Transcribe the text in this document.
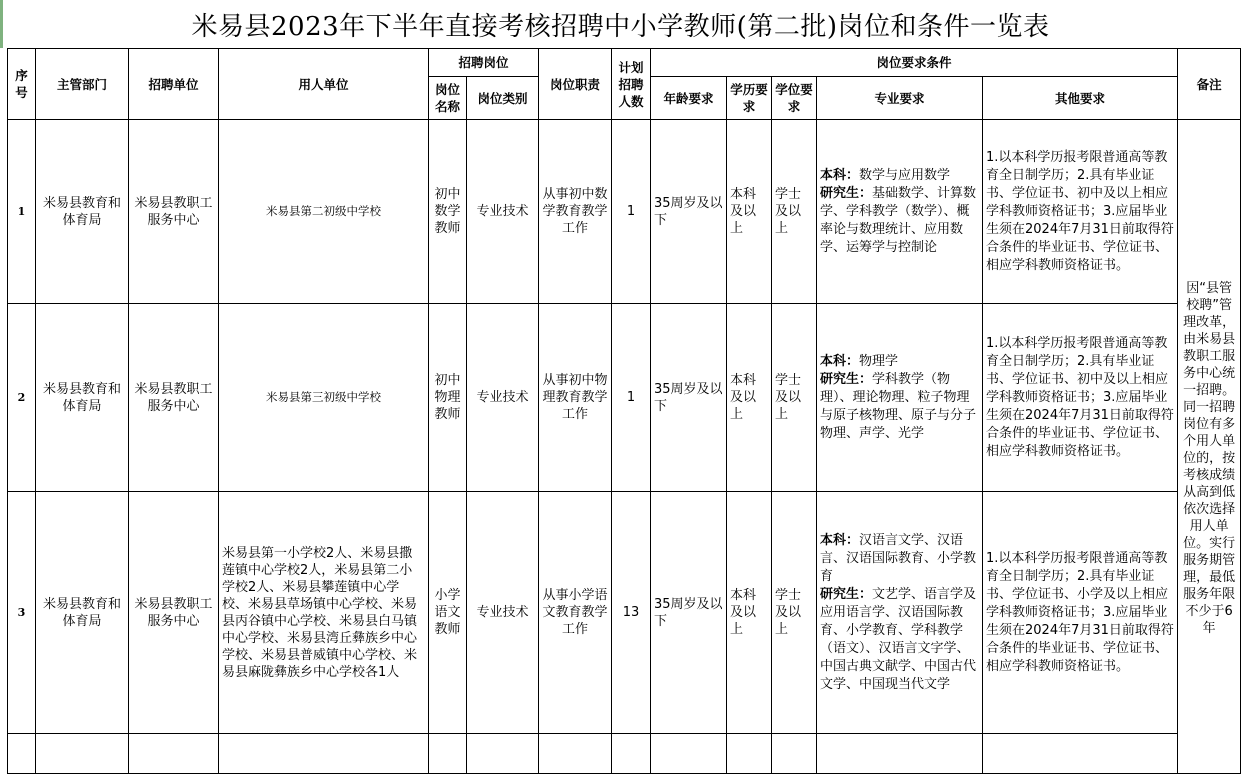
米易县2023年下半年直接考核招聘中小学教师(第二批)岗位和条件一览表
序号	主管部门	招聘单位	用人单位	招聘岗位		岗位职责	计划招聘人数	岗位要求条件					备注
				岗位名称	岗位类别			年龄要求	学历要求	学位要求	专业要求	其他要求	
1	米易县教育和体育局	米易县教职工服务中心	米易县第二初级中学校	初中数学教师	专业技术	从事初中数学教育教学工作	1	35周岁及以下	本科及以上	学士及以上	本科：数学与应用数学
研究生：基础数学、计算数学、学科教学（数学）、概率论与数理统计、应用数学、运筹学与控制论	1.以本科学历报考限普通高等教育全日制学历；2.具有毕业证书、学位证书、初中及以上相应学科教师资格证书；3.应届毕业生须在2024年7月31日前取得符合条件的毕业证书、学位证书、相应学科教师资格证书。	因“县管校聘”管理改革，由米易县教职工服务中心统一招聘。同一招聘岗位有多个用人单位的，按考核成绩从高到低依次选择用人单位。实行服务期管理，最低服务年限不少于6年

2	米易县教育和体育局	米易县教职工服务中心	米易县第三初级中学校	初中物理教师	专业技术	从事初中物理教育教学工作	1	35周岁及以下	本科及以上	学士及以上	本科：物理学
研究生：学科教学（物理）、理论物理、粒子物理与原子核物理、原子与分子物理、声学、光学	1.以本科学历报考限普通高等教育全日制学历；2.具有毕业证书、学位证书、初中及以上相应学科教师资格证书；3.应届毕业生须在2024年7月31日前取得符合条件的毕业证书、学位证书、相应学科教师资格证书。	
3	米易县教育和体育局	米易县教职工服务中心	米易县第一小学校2人、米易县撒莲镇中心学校2人，米易县第二小学校2人、米易县攀莲镇中心学校、米易县草场镇中心学校、米易县丙谷镇中心学校、米易县白马镇中心学校、米易县湾丘彝族乡中心学校、米易县普威镇中心学校、米易县麻陇彝族乡中心学校各1人	小学语文教师	专业技术	从事小学语文教育教学工作	13	35周岁及以下	本科及以上	学士及以上	本科：汉语言文学、汉语言、汉语国际教育、小学教育
研究生：文艺学、语言学及应用语言学、汉语国际教育、小学教育、学科教学（语文）、汉语言文字学、中国古典文献学、中国古代文学、中国现当代文学	1.以本科学历报考限普通高等教育全日制学历；2.具有毕业证书、学位证书、小学及以上相应学科教师资格证书；3.应届毕业生须在2024年7月31日前取得符合条件的毕业证书、学位证书、相应学科教师资格证书。	
